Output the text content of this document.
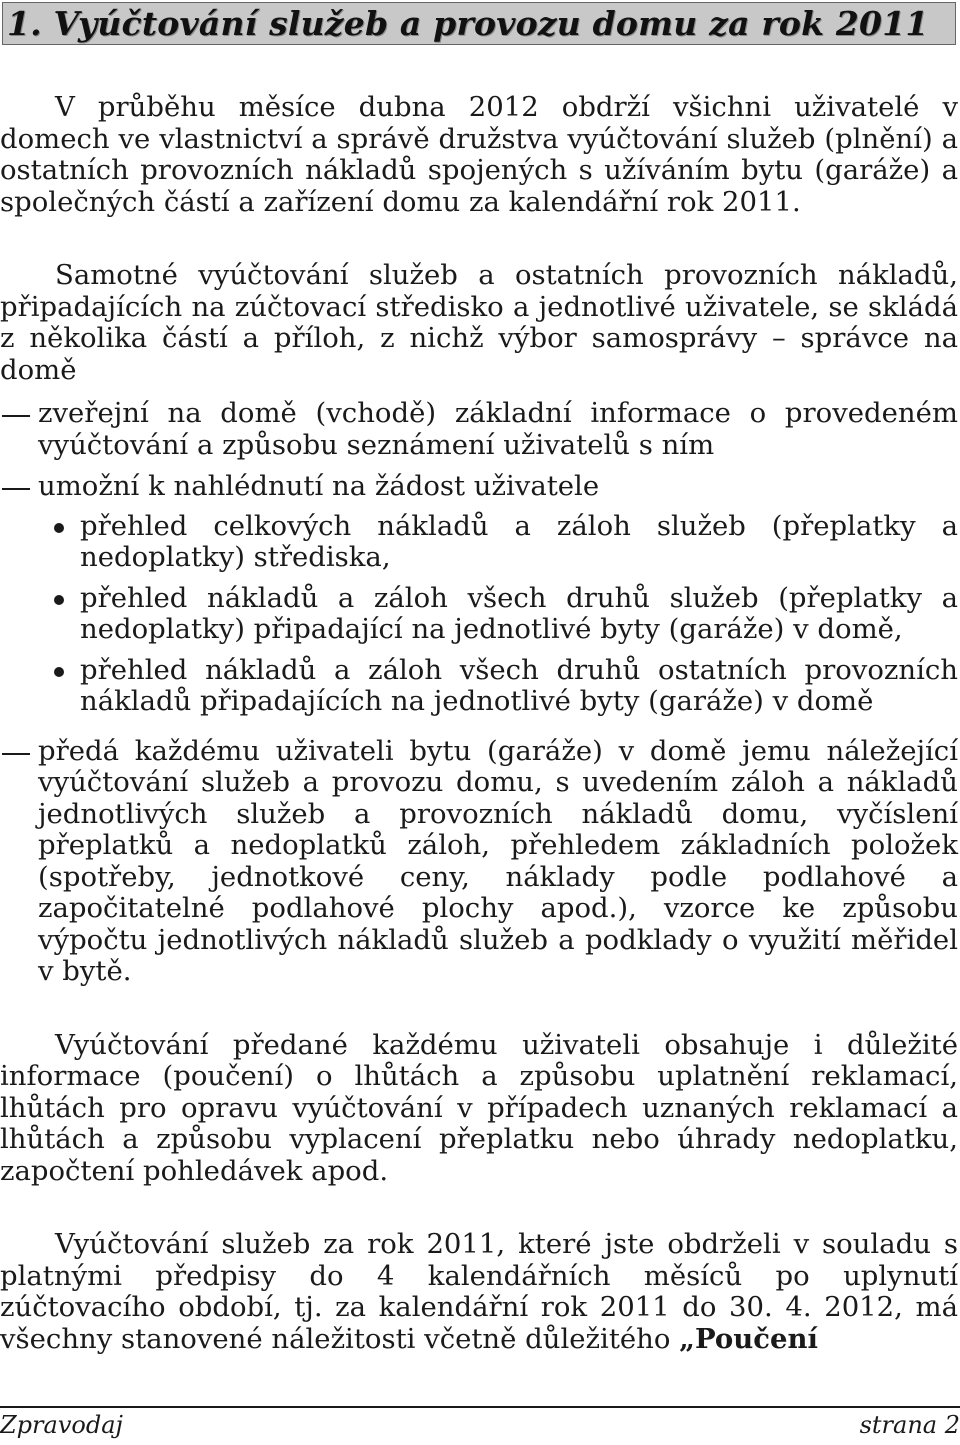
1. Vyúčtování služeb a provozu domu za rok 2011

V průběhu měsíce dubna 2012 obdrží všichni uživatelé v domech ve vlastnictví a správě družstva vyúčtování služeb (plnění) a ostatních provozních nákladů spojených s užíváním bytu (garáže) a společných částí a zařízení domu za kalendářní rok 2011.

Samotné vyúčtování služeb a ostatních provozních nákladů, připadajících na zúčtovací středisko a jednotlivé uživatele, se skládá z několika částí a příloh, z nichž výbor samosprávy – správce na domě

zveřejní na domě (vchodě) základní informace o provedeném vyúčtování a způsobu seznámení uživatelů s ním
umožní k nahlédnutí na žádost uživatele
přehled celkových nákladů a záloh služeb (přeplatky a nedoplatky) střediska,
přehled nákladů a záloh všech druhů služeb (přeplatky a nedoplatky) připadající na jednotlivé byty (garáže) v domě,
přehled nákladů a záloh všech druhů ostatních provozních nákladů připadajících na jednotlivé byty (garáže) v domě
předá každému uživateli bytu (garáže) v domě jemu náležející vyúčtování služeb a provozu domu, s uvedením záloh a nákladů jednotlivých služeb a provozních nákladů domu, vyčíslení přeplatků a nedoplatků záloh, přehledem základních položek (spotřeby, jednotkové ceny, náklady podle podlahové a započitatelné podlahové plochy apod.), vzorce ke způsobu výpočtu jednotlivých nákladů služeb a podklady o využití měřidel v bytě.

Vyúčtování předané každému uživateli obsahuje i důležité informace (poučení) o lhůtách a způsobu uplatnění reklamací, lhůtách pro opravu vyúčtování v případech uznaných reklamací a lhůtách a způsobu vyplacení přeplatku nebo úhrady nedoplatku, započtení pohledávek apod.

Vyúčtování služeb za rok 2011, které jste obdrželi v souladu s platnými předpisy do 4 kalendářních měsíců po uplynutí zúčtovacího období, tj. za kalendářní rok 2011 do 30. 4. 2012, má všechny stanovené náležitosti včetně důležitého „Poučení

Zpravodaj	strana 2
